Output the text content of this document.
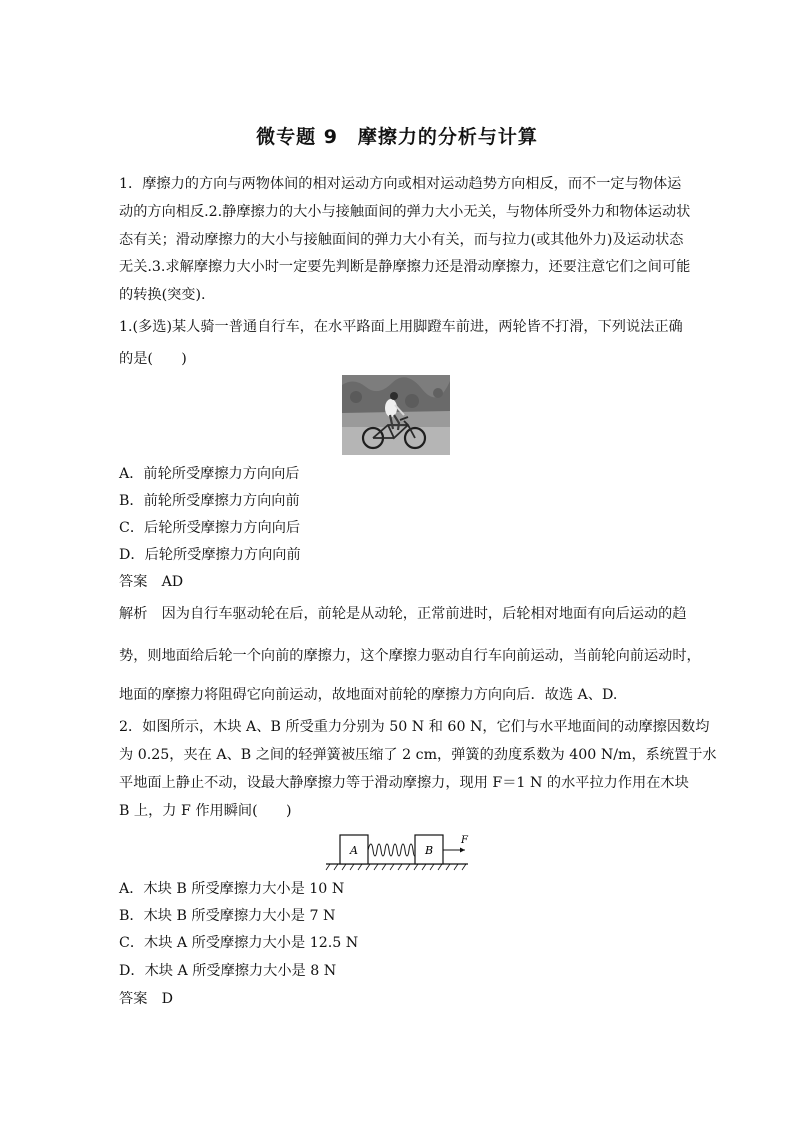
微专题 9　摩擦力的分析与计算
1．摩擦力的方向与两物体间的相对运动方向或相对运动趋势方向相反，而不一定与物体运
动的方向相反.2.静摩擦力的大小与接触面间的弹力大小无关，与物体所受外力和物体运动状
态有关；滑动摩擦力的大小与接触面间的弹力大小有关，而与拉力(或其他外力)及运动状态
无关.3.求解摩擦力大小时一定要先判断是静摩擦力还是滑动摩擦力，还要注意它们之间可能
的转换(突变).
1.(多选)某人骑一普通自行车，在水平路面上用脚蹬车前进，两轮皆不打滑，下列说法正确
的是(　　)
A．前轮所受摩擦力方向向后
B．前轮所受摩擦力方向向前
C．后轮所受摩擦力方向向后
D．后轮所受摩擦力方向向前
答案　AD
解析　因为自行车驱动轮在后，前轮是从动轮，正常前进时，后轮相对地面有向后运动的趋
势，则地面给后轮一个向前的摩擦力，这个摩擦力驱动自行车向前运动，当前轮向前运动时，
地面的摩擦力将阻碍它向前运动，故地面对前轮的摩擦力方向向后．故选 A、D.
2．如图所示，木块 A、B 所受重力分别为 50 N 和 60 N，它们与水平地面间的动摩擦因数均
为 0.25，夹在 A、B 之间的轻弹簧被压缩了 2 cm，弹簧的劲度系数为 400 N/m，系统置于水
平地面上静止不动，设最大静摩擦力等于滑动摩擦力，现用 F＝1 N 的水平拉力作用在木块
B 上，力 F 作用瞬间(　　)
A	B
F
A．木块 B 所受摩擦力大小是 10 N
B．木块 B 所受摩擦力大小是 7 N
C．木块 A 所受摩擦力大小是 12.5 N
D．木块 A 所受摩擦力大小是 8 N
答案　D
